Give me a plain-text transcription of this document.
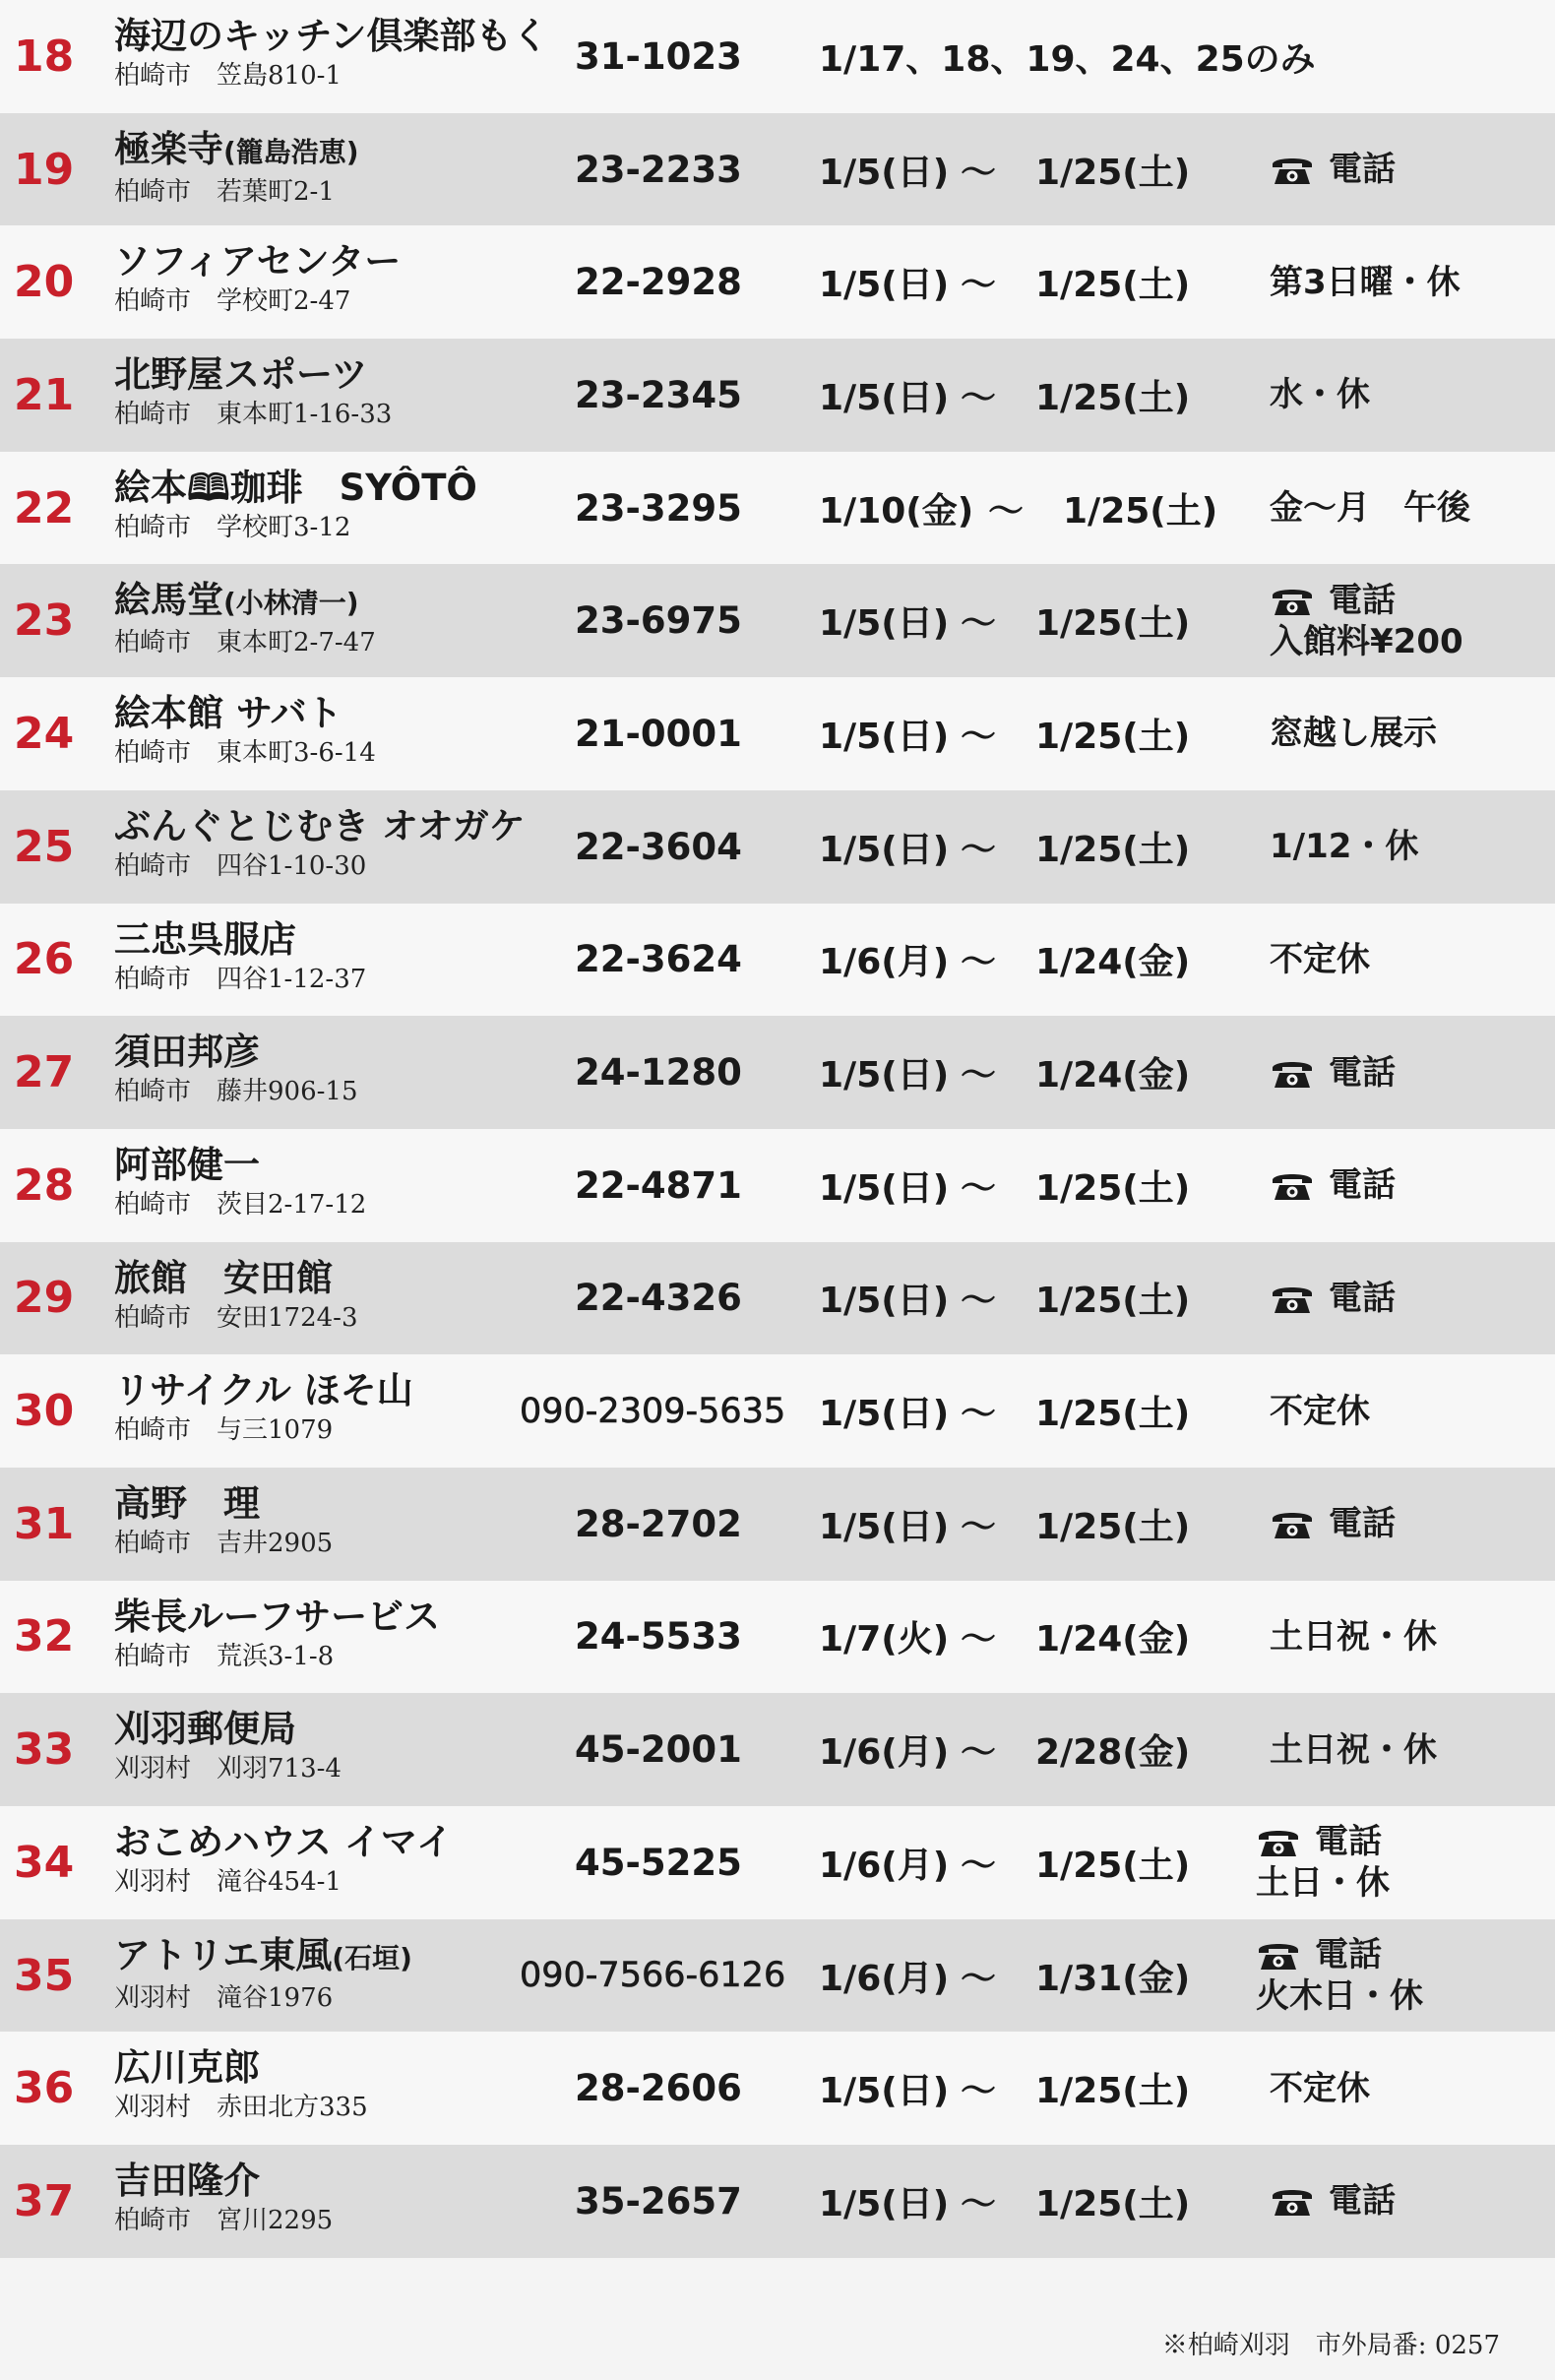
18	海辺のキッチン倶楽部もく
柏崎市　笠島810-1	31-1023 1/17、18、19、24、25のみ
19	極楽寺(籠島浩恵)
柏崎市　若葉町2-1
23-2233 1/5(日) 〜 1/25(土)	電話
20	ソフィアセンター
柏崎市　学校町2-47	22-2928 1/5(日) 〜 1/25(土) 第3日曜・休
21	北野屋スポーツ
柏崎市　東本町1-16-33	23-2345 1/5(日) 〜 1/25(土) 水・休
22	絵本🕮珈琲　SYÔTÔ
柏崎市　学校町3-12	23-3295 1/10(金) 〜 1/25(土) 金〜月　午後
23	絵馬堂(小林清一)
柏崎市　東本町2-7-47
23-6975 1/5(日) 〜 1/25(土)
電話
入館料¥200
24	絵本館 サバト
柏崎市　東本町3-6-14	21-0001 1/5(日) 〜 1/25(土) 窓越し展示
25	ぶんぐとじむき オオガケ
柏崎市　四谷1-10-30	22-3604 1/5(日) 〜 1/25(土) 1/12・休
26	三忠呉服店
柏崎市　四谷1-12-37	22-3624 1/6(月) 〜 1/24(金) 不定休
27	須田邦彦
柏崎市　藤井906-15	24-1280 1/5(日) 〜 1/24(金)	電話
28	阿部健一
柏崎市　茨目2-17-12	22-4871 1/5(日) 〜 1/25(土)	電話
29	旅館　安田館
柏崎市　安田1724-3	22-4326 1/5(日) 〜 1/25(土)	電話
30	リサイクル ほそ山
柏崎市　与三1079	090-2309-5635 1/5(日) 〜 1/25(土) 不定休
31	高野　理
柏崎市　吉井2905	28-2702 1/5(日) 〜 1/25(土)	電話
32	柴長ルーフサービス
柏崎市　荒浜3-1-8	24-5533 1/7(火) 〜 1/24(金) 土日祝・休
33	刈羽郵便局
刈羽村　刈羽713-4	45-2001 1/6(月) 〜 2/28(金) 土日祝・休
34	おこめハウス イマイ
刈羽村　滝谷454-1	45-5225 1/6(月) 〜 1/25(土)
電話
土日・休
35	アトリエ東風(石垣)
刈羽村　滝谷1976
090-7566-6126 1/6(月) 〜 1/31(金)
電話
火木日・休
36	広川克郎
刈羽村　赤田北方335	28-2606 1/5(日) 〜 1/25(土) 不定休
37	吉田隆介
柏崎市　宮川2295	35-2657 1/5(日) 〜 1/25(土)	電話
※柏崎刈羽　市外局番: 0257
